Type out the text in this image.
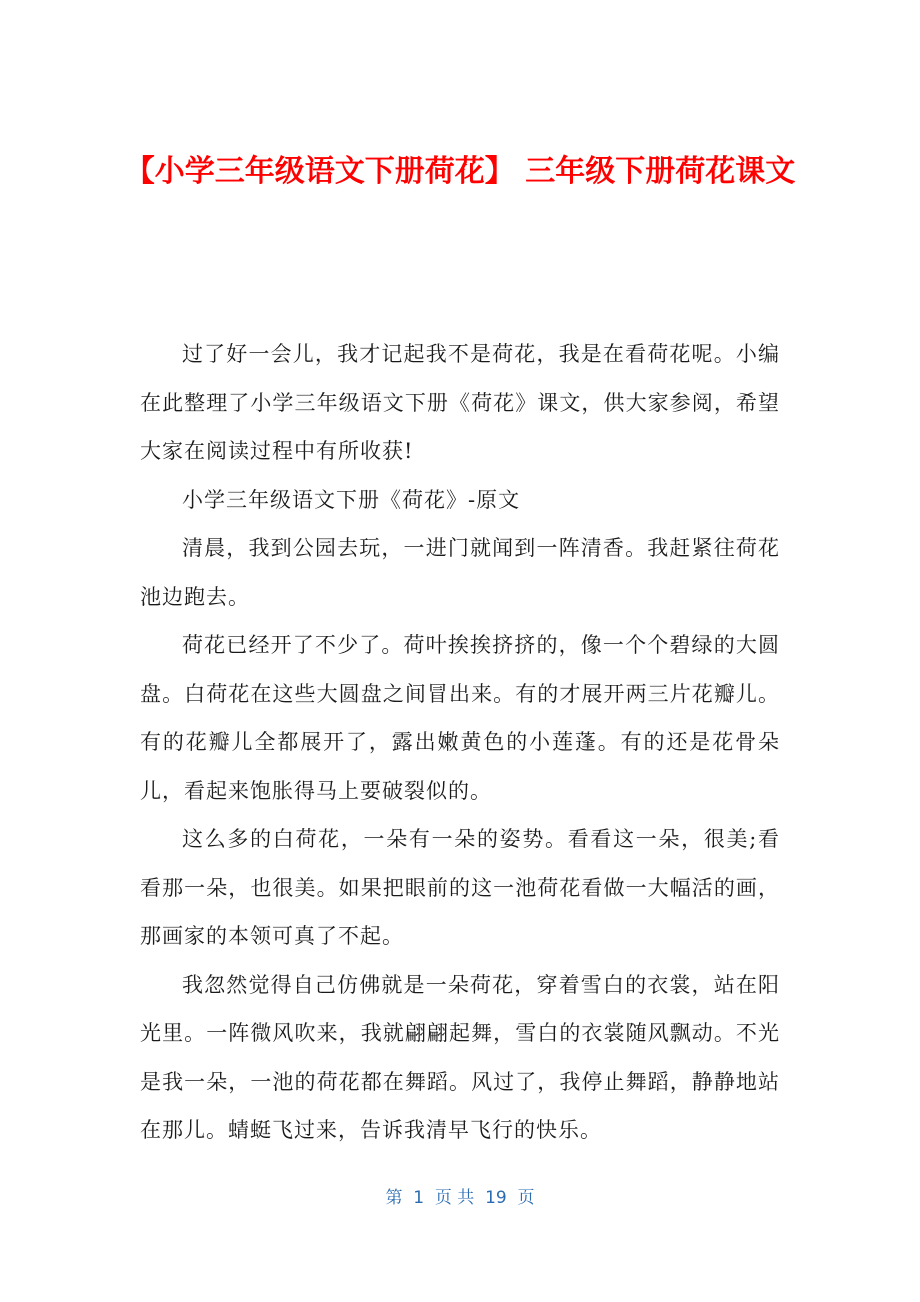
【小学三年级语文下册荷花】 三年级下册荷花课文

过了好一会儿，我才记起我不是荷花，我是在看荷花呢。小编在此整理了小学三年级语文下册《荷花》课文，供大家参阅，希望大家在阅读过程中有所收获!

小学三年级语文下册《荷花》-原文

清晨，我到公园去玩，一进门就闻到一阵清香。我赶紧往荷花池边跑去。

荷花已经开了不少了。荷叶挨挨挤挤的，像一个个碧绿的大圆盘。白荷花在这些大圆盘之间冒出来。有的才展开两三片花瓣儿。有的花瓣儿全都展开了，露出嫩黄色的小莲蓬。有的还是花骨朵儿，看起来饱胀得马上要破裂似的。

这么多的白荷花，一朵有一朵的姿势。看看这一朵，很美;看看那一朵，也很美。如果把眼前的这一池荷花看做一大幅活的画，那画家的本领可真了不起。

我忽然觉得自己仿佛就是一朵荷花，穿着雪白的衣裳，站在阳光里。一阵微风吹来，我就翩翩起舞，雪白的衣裳随风飘动。不光是我一朵，一池的荷花都在舞蹈。风过了，我停止舞蹈，静静地站在那儿。蜻蜓飞过来，告诉我清早飞行的快乐。

第  1  页 共  19  页
